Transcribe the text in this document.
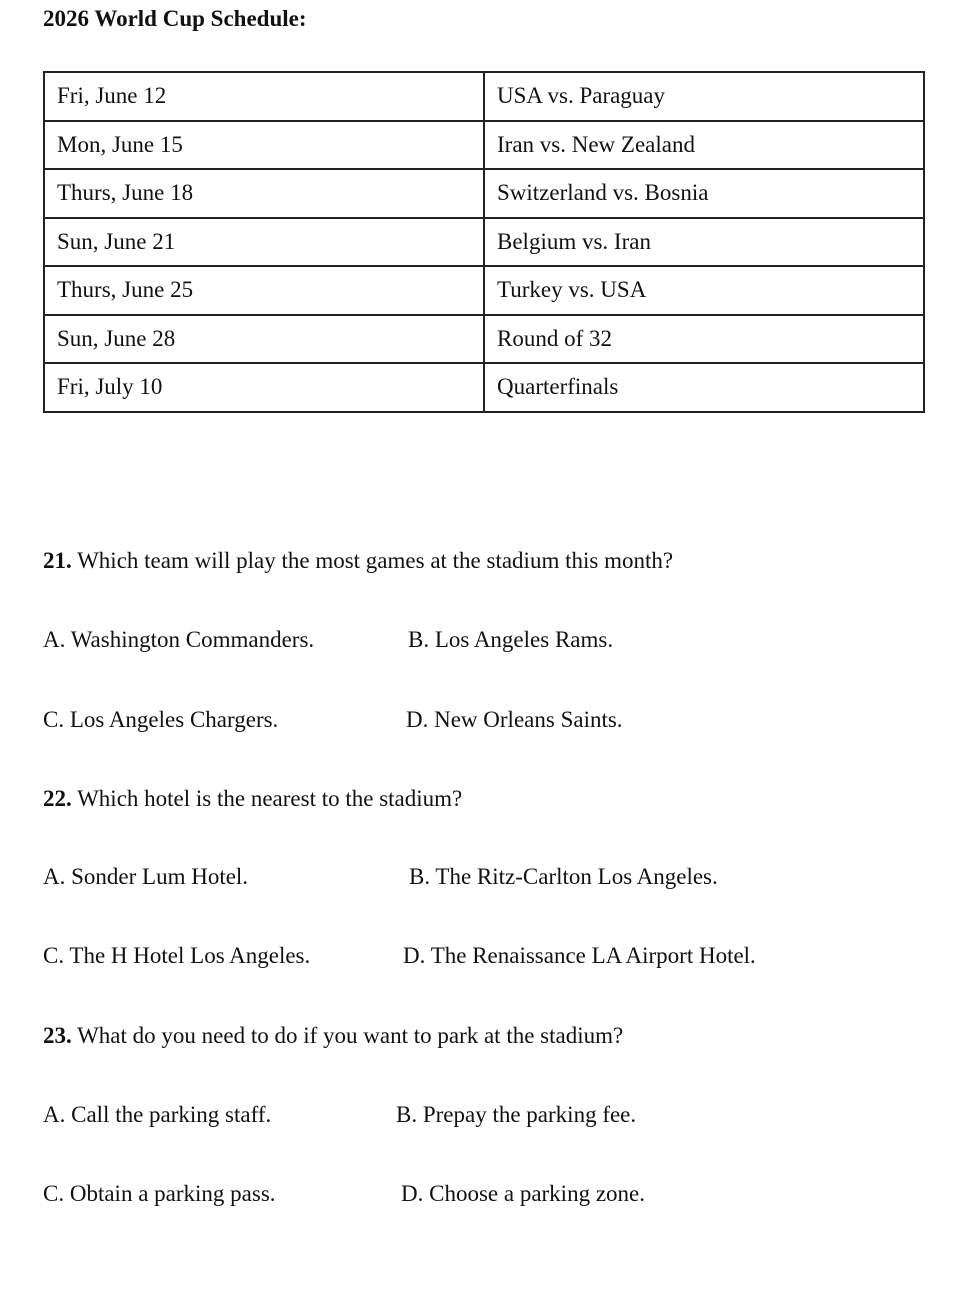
2026 World Cup Schedule:
Fri, June 12	USA vs. Paraguay
Mon, June 15	Iran vs. New Zealand
Thurs, June 18	Switzerland vs. Bosnia
Sun, June 21	Belgium vs. Iran
Thurs, June 25	Turkey vs. USA
Sun, June 28	Round of 32
Fri, July 10	Quarterfinals
21. Which team will play the most games at the stadium this month?
A. Washington Commanders.	B. Los Angeles Rams.
C. Los Angeles Chargers.	D. New Orleans Saints.
22. Which hotel is the nearest to the stadium?
A. Sonder Lum Hotel.	B. The Ritz-Carlton Los Angeles.
C. The H Hotel Los Angeles.	D. The Renaissance LA Airport Hotel.
23. What do you need to do if you want to park at the stadium?
A. Call the parking staff.	B. Prepay the parking fee.
C. Obtain a parking pass.	D. Choose a parking zone.
